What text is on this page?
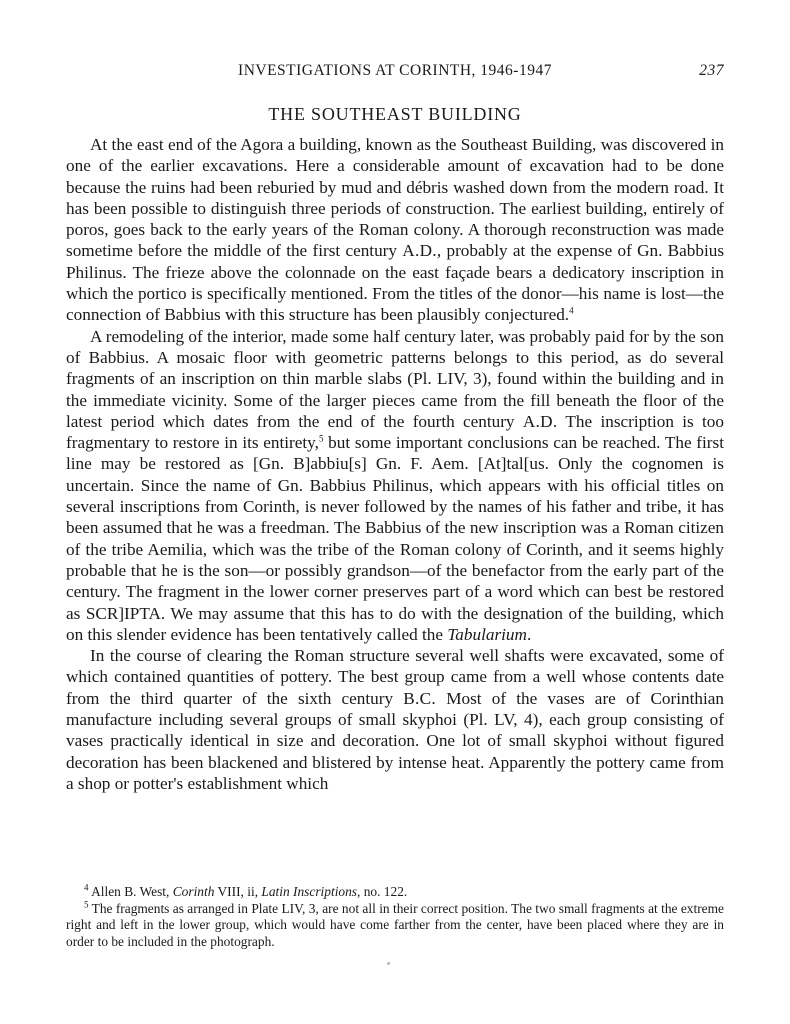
INVESTIGATIONS AT CORINTH, 1946-1947	237
THE SOUTHEAST BUILDING

At the east end of the Agora a building, known as the Southeast Building, was discovered in one of the earlier excavations. Here a considerable amount of excavation had to be done because the ruins had been reburied by mud and débris washed down from the modern road. It has been possible to distinguish three periods of construction. The earliest building, entirely of poros, goes back to the early years of the Roman colony. A thorough reconstruction was made sometime before the middle of the first century A.D., probably at the expense of Gn. Babbius Philinus. The frieze above the colonnade on the east façade bears a dedicatory inscription in which the portico is specifically mentioned. From the titles of the donor—his name is lost—the connection of Babbius with this structure has been plausibly conjectured.$^4$

A remodeling of the interior, made some half century later, was probably paid for by the son of Babbius. A mosaic floor with geometric patterns belongs to this period, as do several fragments of an inscription on thin marble slabs (Pl. LIV, 3), found within the building and in the immediate vicinity. Some of the larger pieces came from the fill beneath the floor of the latest period which dates from the end of the fourth century A.D. The inscription is too fragmentary to restore in its entirety,$^5$ but some important conclusions can be reached. The first line may be restored as [Gn. B]abbiu[s] Gn. F. Aem. [At]tal[us. Only the cognomen is uncertain. Since the name of Gn. Babbius Philinus, which appears with his official titles on several inscriptions from Corinth, is never followed by the names of his father and tribe, it has been assumed that he was a freedman. The Babbius of the new inscription was a Roman citizen of the tribe Aemilia, which was the tribe of the Roman colony of Corinth, and it seems highly probable that he is the son—or possibly grandson—of the benefactor from the early part of the century. The fragment in the lower corner preserves part of a word which can best be restored as SCR]IPTA. We may assume that this has to do with the designation of the building, which on this slender evidence has been tentatively called the Tabularium.

In the course of clearing the Roman structure several well shafts were excavated, some of which contained quantities of pottery. The best group came from a well whose contents date from the third quarter of the sixth century B.C. Most of the vases are of Corinthian manufacture including several groups of small skyphoi (Pl. LV, 4), each group consisting of vases practically identical in size and decoration. One lot of small skyphoi without figured decoration has been blackened and blistered by intense heat. Apparently the pottery came from a shop or potter's establishment which

$^4$ Allen B. West, Corinth VIII, ii, Latin Inscriptions, no. 122.

$^5$ The fragments as arranged in Plate LIV, 3, are not all in their correct position. The two small fragments at the extreme right and left in the lower group, which would have come farther from the center, have been placed where they are in order to be included in the photograph.
